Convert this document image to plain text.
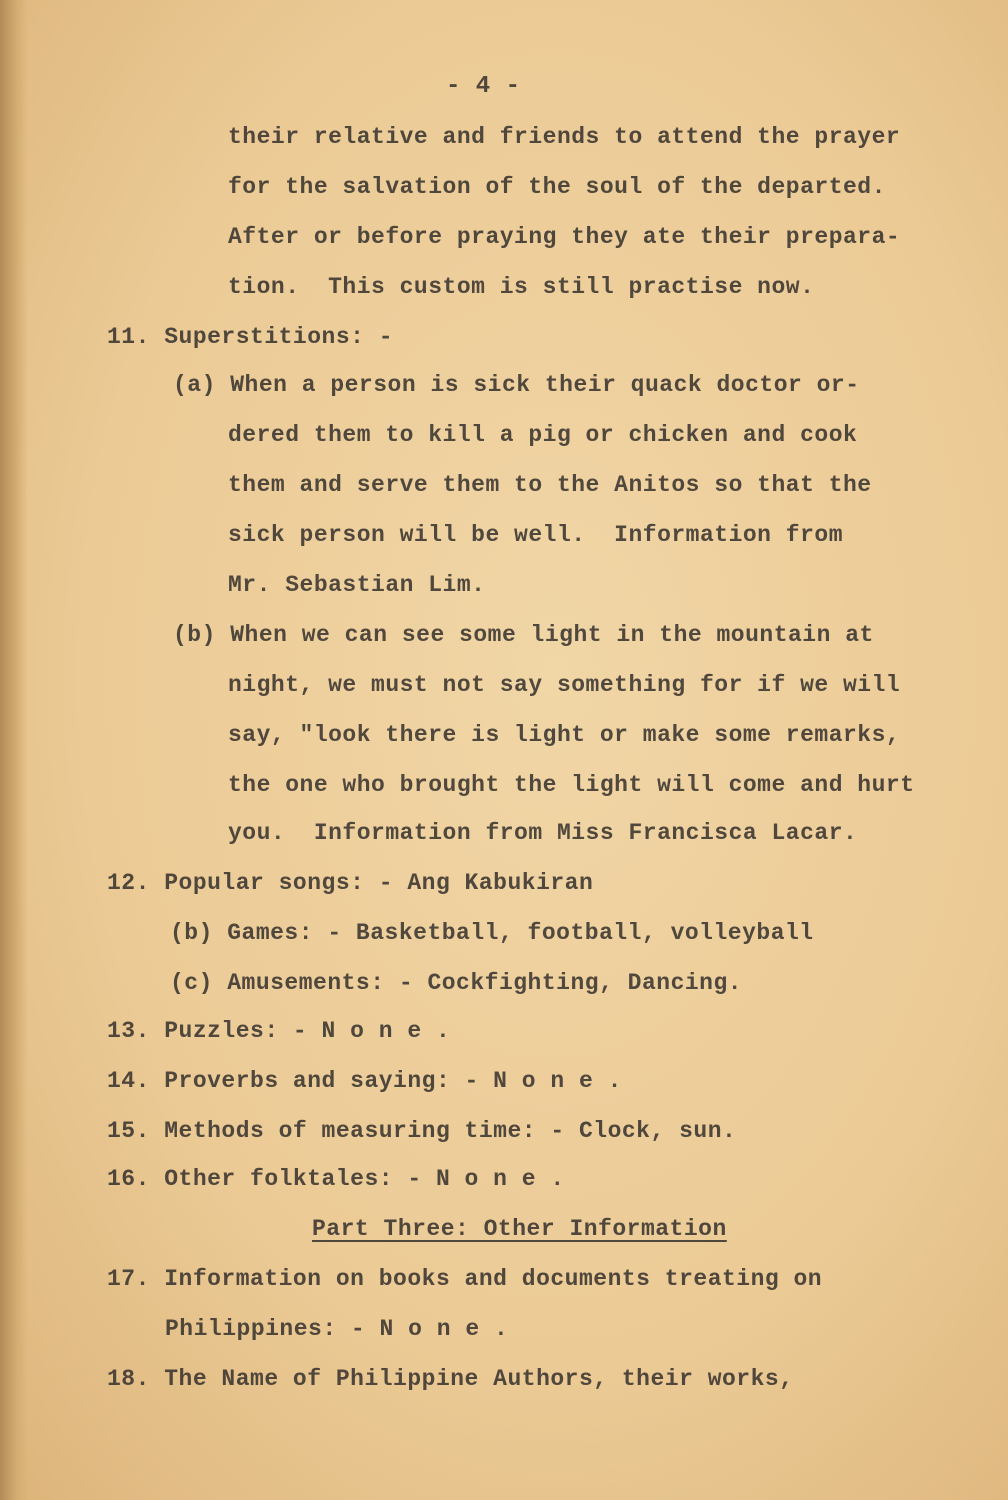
- 4 -
their relative and friends to attend the prayer
for the salvation of the soul of the departed.
After or before praying they ate their prepara-
tion.  This custom is still practise now.
11. Superstitions: -
(a) When a person is sick their quack doctor or-
dered them to kill a pig or chicken and cook
them and serve them to the Anitos so that the
sick person will be well.  Information from
Mr. Sebastian Lim.
(b) When we can see some light in the mountain at
night, we must not say something for if we will
say, "look there is light or make some remarks,
the one who brought the light will come and hurt
you.  Information from Miss Francisca Lacar.
12. Popular songs: - Ang Kabukiran
(b) Games: - Basketball, football, volleyball
(c) Amusements: - Cockfighting, Dancing.
13. Puzzles: - N o n e .
14. Proverbs and saying: - N o n e .
15. Methods of measuring time: - Clock, sun.
16. Other folktales: - N o n e .
Part Three: Other Information
17. Information on books and documents treating on
Philippines: - N o n e .
18. The Name of Philippine Authors, their works,
